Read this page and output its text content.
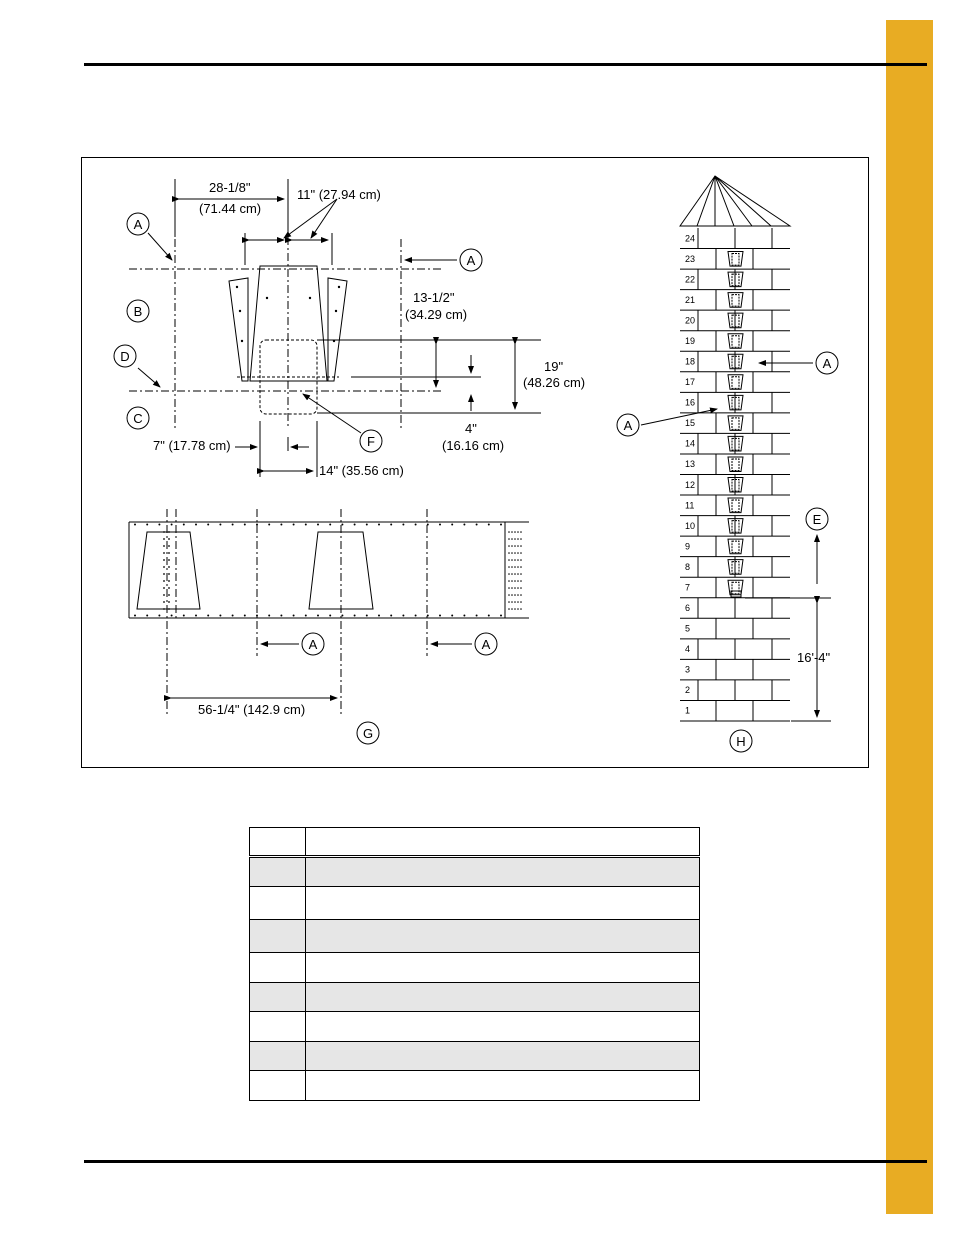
28-1/8"
(71.44 cm)
11" (27.94 cm)
13-1/2"
(34.29 cm)
19"
(48.26 cm)
4"
(16.16 cm)
7" (17.78 cm)
14" (35.56 cm)
A
B
D
C
A
F
56-1/4" (142.9 cm)
A	A
G
24
23
22
21
20
19
18
17
16
15
14
13
12
11
10
9
8
7
6
5
4
3
2
1
16'-4"
A
A
E
H
